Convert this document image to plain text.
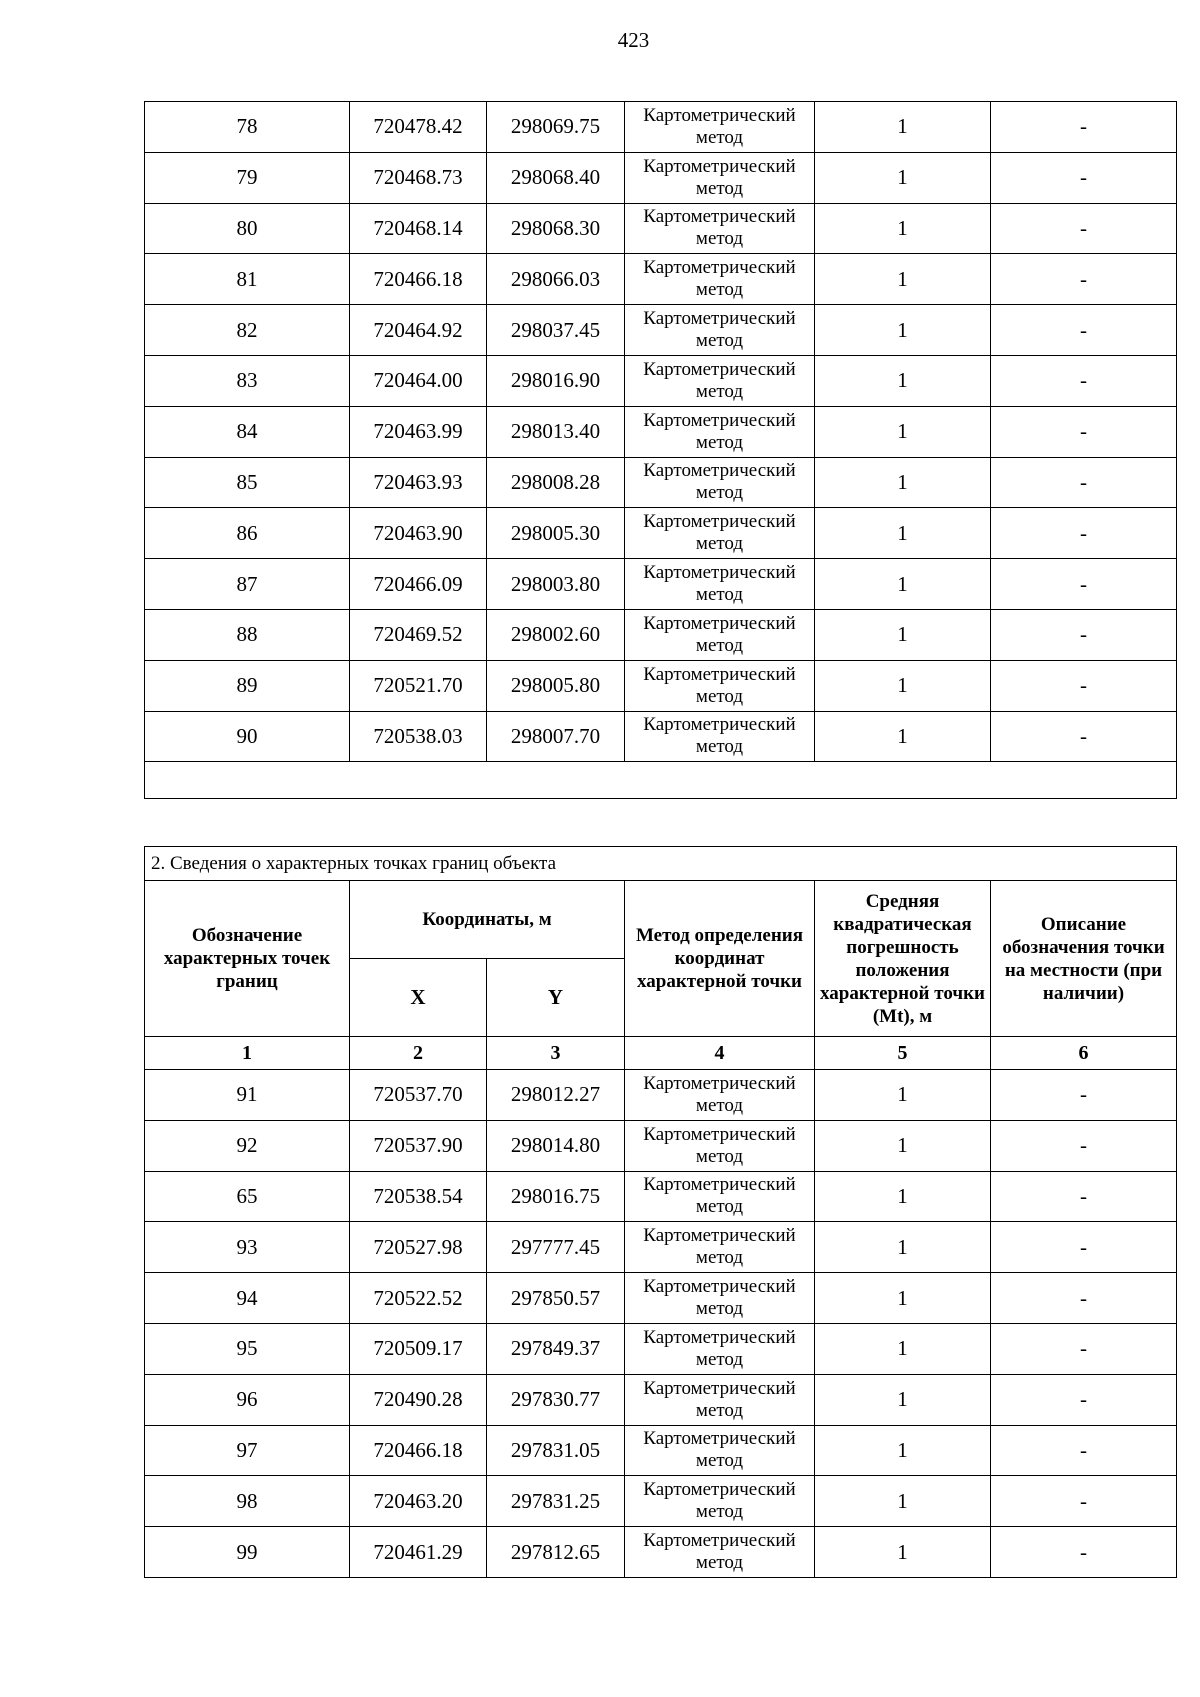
423
78	720478.42	298069.75	Картометрический метод	1	-
79	720468.73	298068.40	Картометрический метод	1	-
80	720468.14	298068.30	Картометрический метод	1	-
81	720466.18	298066.03	Картометрический метод	1	-
82	720464.92	298037.45	Картометрический метод	1	-
83	720464.00	298016.90	Картометрический метод	1	-
84	720463.99	298013.40	Картометрический метод	1	-
85	720463.93	298008.28	Картометрический метод	1	-
86	720463.90	298005.30	Картометрический метод	1	-
87	720466.09	298003.80	Картометрический метод	1	-
88	720469.52	298002.60	Картометрический метод	1	-
89	720521.70	298005.80	Картометрический метод	1	-
90	720538.03	298007.70	Картометрический метод	1	-

2. Сведения о характерных точках границ объекта					
Обозначение характерных точек границ	Координаты, м		Метод определения координат характерной точки	Средняя квадратическая погрешность положения характерной точки (Mt), м	Описание обозначения точки на местности (при наличии)
	X	Y			
1	2	3	4	5	6
91	720537.70	298012.27	Картометрический метод	1	-
92	720537.90	298014.80	Картометрический метод	1	-
65	720538.54	298016.75	Картометрический метод	1	-
93	720527.98	297777.45	Картометрический метод	1	-
94	720522.52	297850.57	Картометрический метод	1	-
95	720509.17	297849.37	Картометрический метод	1	-
96	720490.28	297830.77	Картометрический метод	1	-
97	720466.18	297831.05	Картометрический метод	1	-
98	720463.20	297831.25	Картометрический метод	1	-
99	720461.29	297812.65	Картометрический метод	1	-
